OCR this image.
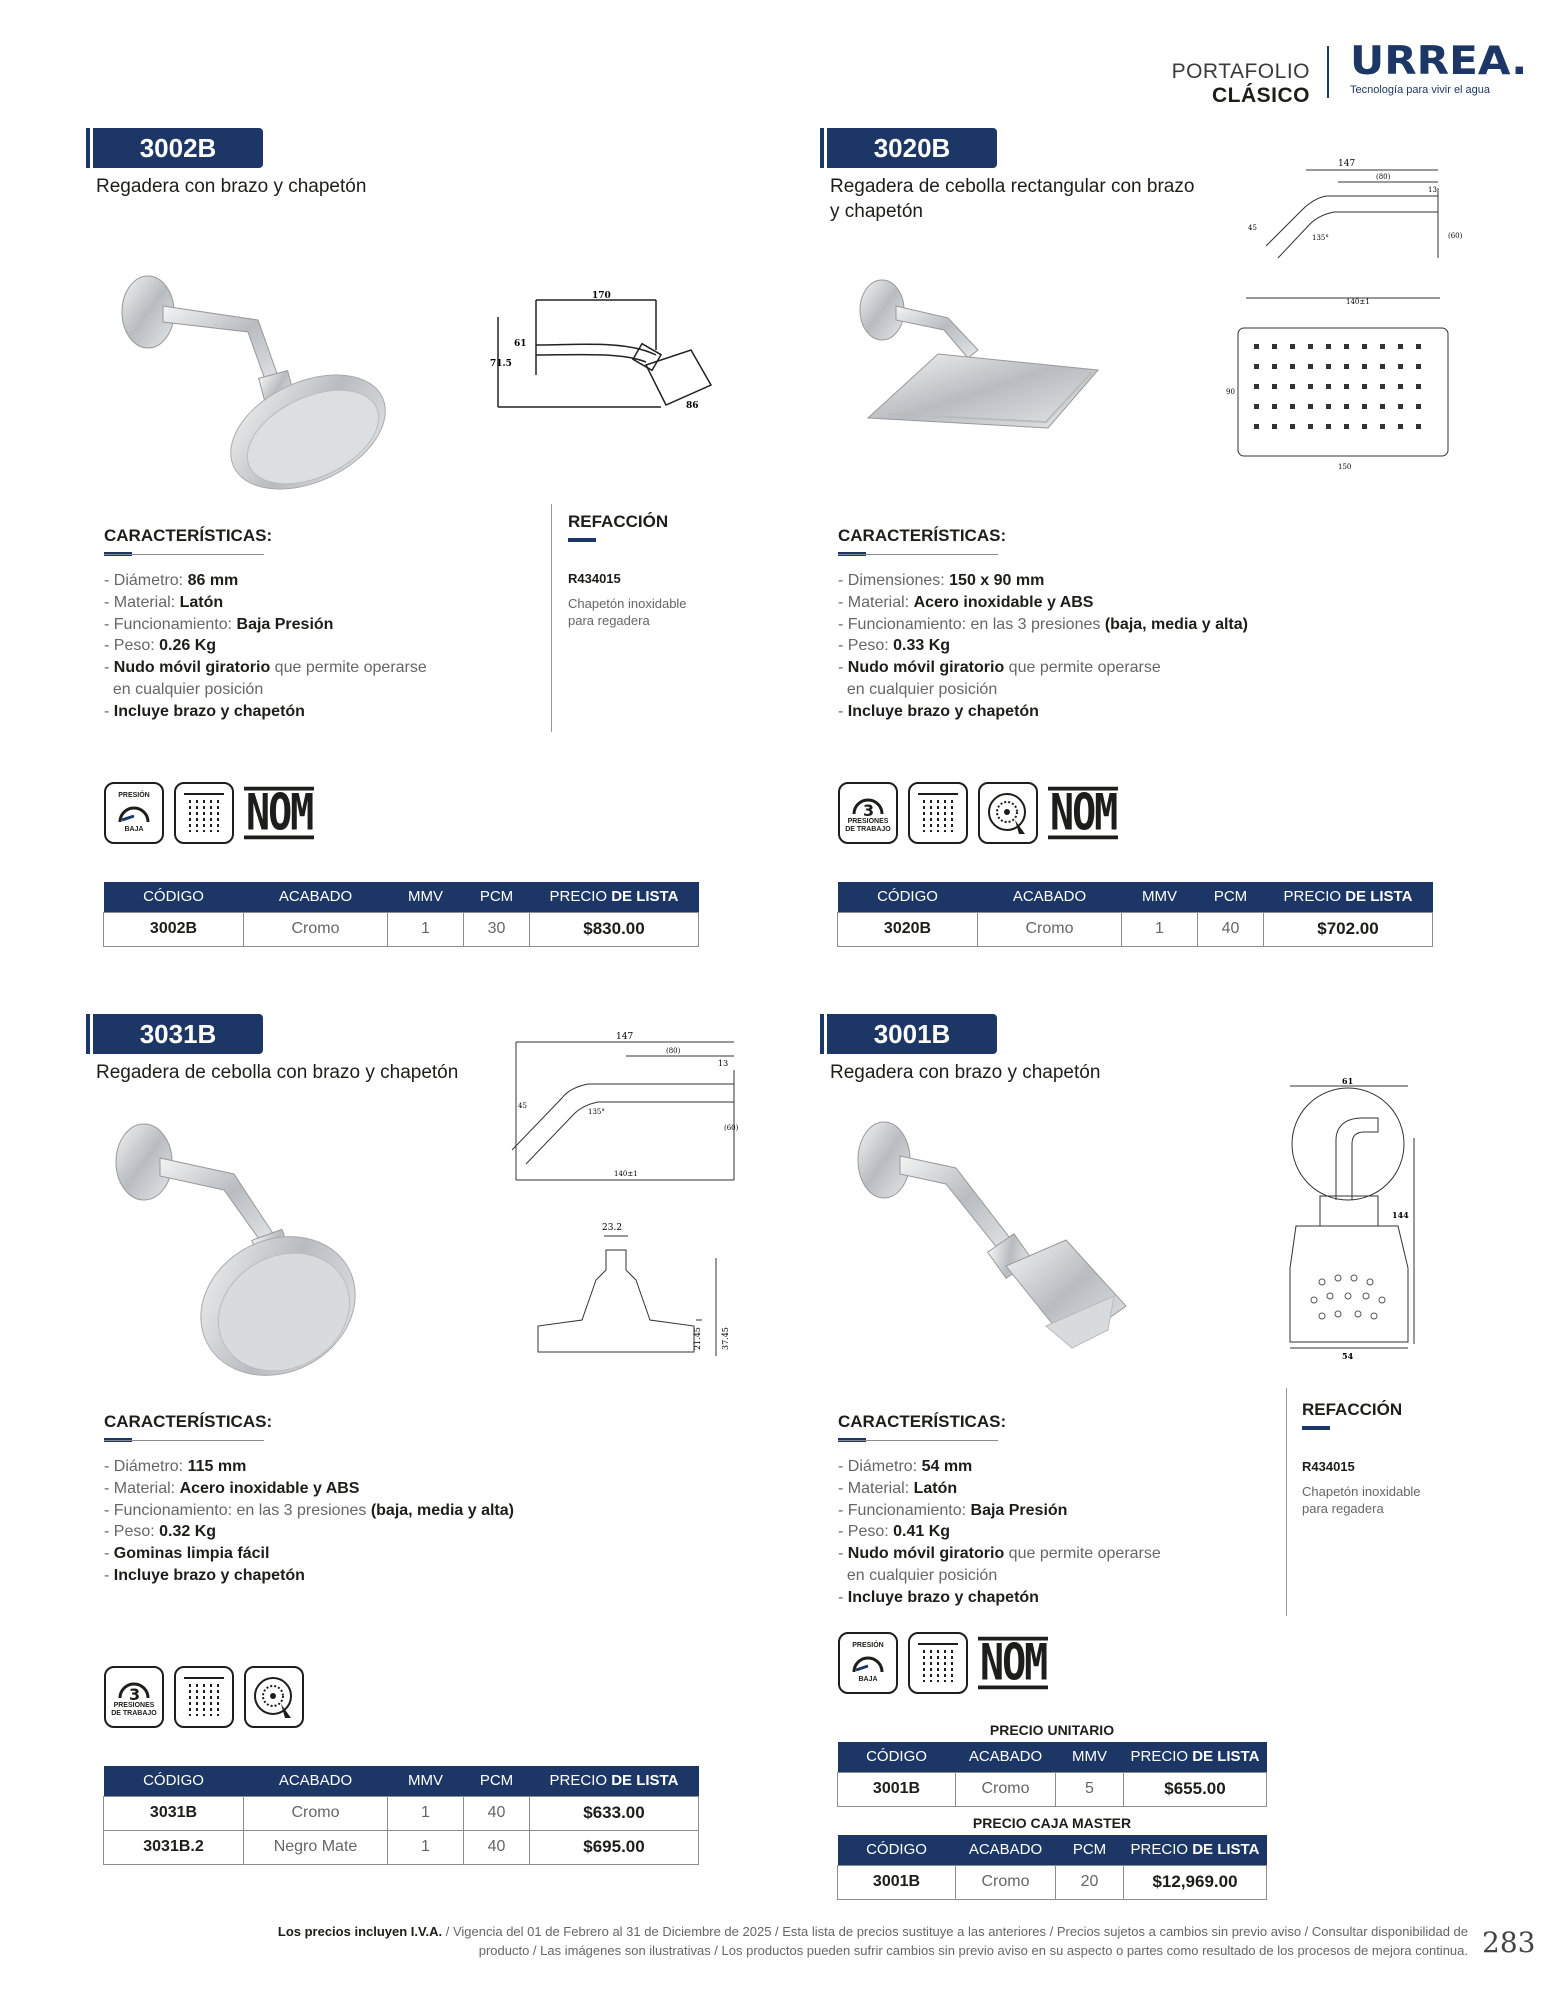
PORTAFOLIO CLÁSICO
URREA.
Tecnología para vivir el agua
3002B
Regadera con brazo y chapetón
170
61
71.5
86
CARACTERÍSTICAS:
- Diámetro: 86 mm
- Material: Latón
- Funcionamiento: Baja Presión
- Peso: 0.26 Kg
- Nudo móvil giratorio que permite operarse
en cualquier posición
- Incluye brazo y chapetón
REFACCIÓN
R434015
Chapetón inoxidable
para regadera
PRESIÓN
BAJA	NOM
CÓDIGO	ACABADO	MMV	PCM	PRECIO DE LISTA
3002B	Cromo	1	30	$830.00
3020B
Regadera de cebolla rectangular con brazo
y chapetón
147
(80)
13
(60)
135°
45
140±1
150
90
CARACTERÍSTICAS:
- Dimensiones: 150 x 90 mm
- Material: Acero inoxidable y ABS
- Funcionamiento: en las 3 presiones (baja, media y alta)
- Peso: 0.33 Kg
- Nudo móvil giratorio que permite operarse
en cualquier posición
- Incluye brazo y chapetón
3
PRESIONES
DE TRABAJO	NOM
CÓDIGO	ACABADO	MMV	PCM	PRECIO DE LISTA
3020B	Cromo	1	40	$702.00
3031B
Regadera de cebolla con brazo y chapetón
147
(80)
13
135°
(60)
45
140±1
23.2
21.45 37.45
CARACTERÍSTICAS:
- Diámetro: 115 mm
- Material: Acero inoxidable y ABS
- Funcionamiento: en las 3 presiones (baja, media y alta)
- Peso: 0.32 Kg
- Gominas limpia fácil
- Incluye brazo y chapetón
3
PRESIONES
DE TRABAJO
CÓDIGO	ACABADO	MMV	PCM	PRECIO DE LISTA
3031B	Cromo	1	40	$633.00
3031B.2	Negro Mate	1	40	$695.00
3001B
Regadera con brazo y chapetón	61
144
54
CARACTERÍSTICAS:
- Diámetro: 54 mm
- Material: Latón
- Funcionamiento: Baja Presión
- Peso: 0.41 Kg
- Nudo móvil giratorio que permite operarse
en cualquier posición
- Incluye brazo y chapetón
REFACCIÓN
R434015
Chapetón inoxidable
para regadera
PRESIÓN
BAJA	NOM
PRECIO UNITARIO
CÓDIGO	ACABADO	MMV	PRECIO DE LISTA
3001B	Cromo	5	$655.00
PRECIO CAJA MASTER
CÓDIGO	ACABADO	PCM	PRECIO DE LISTA
3001B	Cromo	20	$12,969.00
Los precios incluyen I.V.A. / Vigencia del 01 de Febrero al 31 de Diciembre de 2025 / Esta lista de precios sustituye a las anteriores / Precios sujetos a cambios sin previo aviso / Consultar disponibilidad de
producto / Las imágenes son ilustrativas / Los productos pueden sufrir cambios sin previo aviso en su aspecto o partes como resultado de los procesos de mejora continua. 283
